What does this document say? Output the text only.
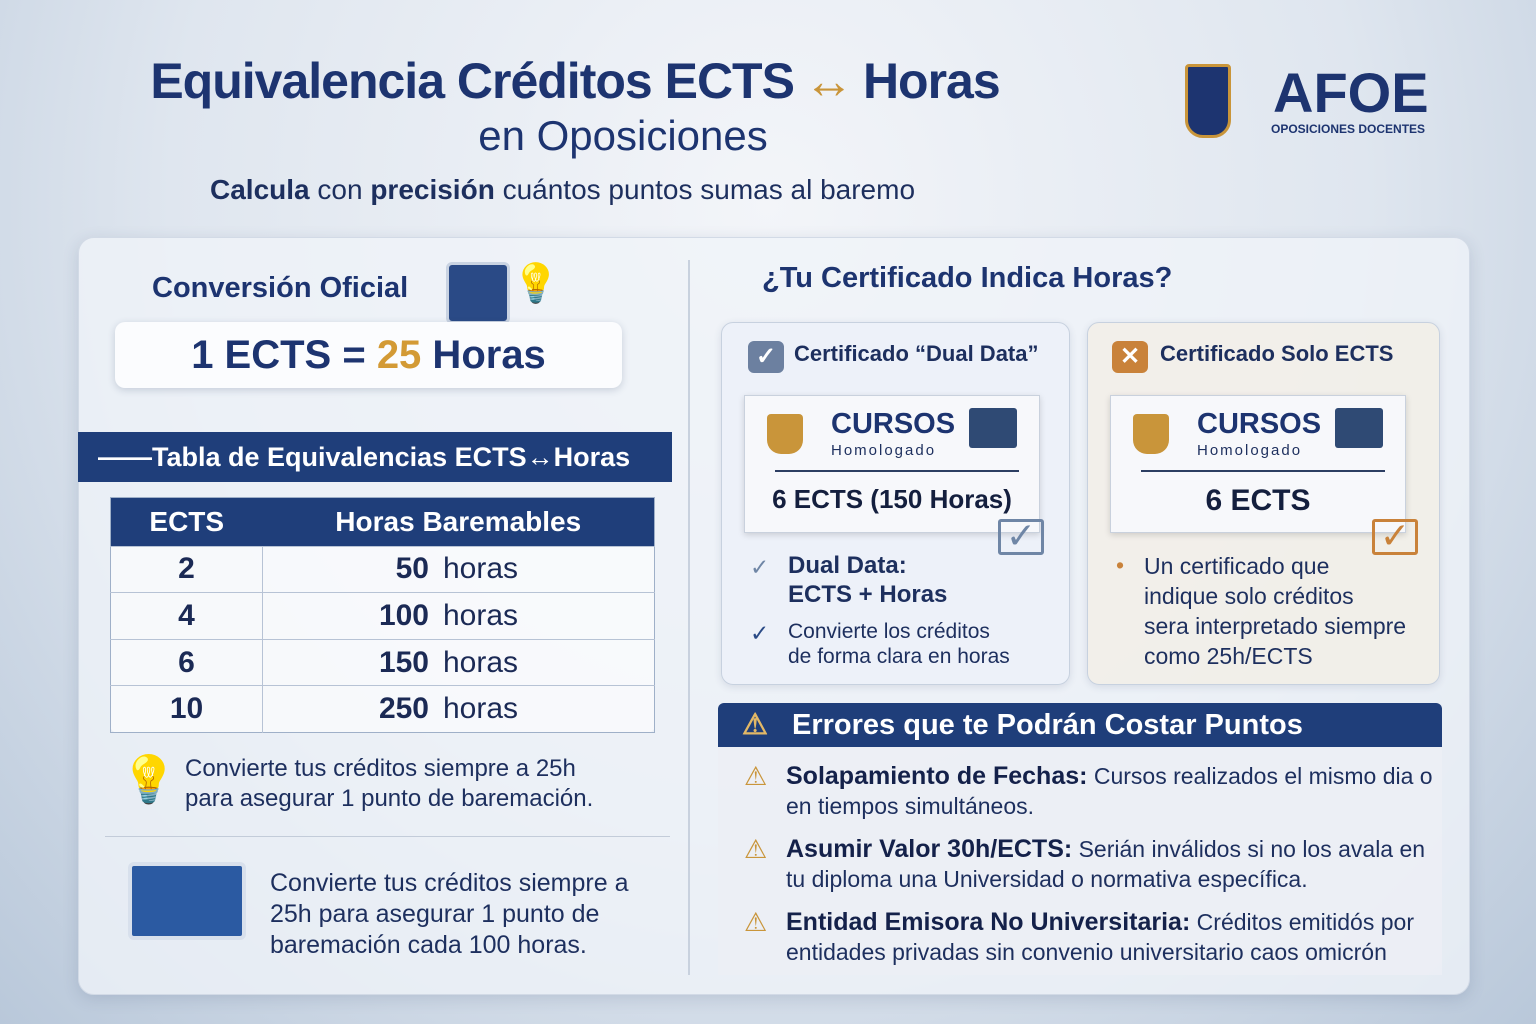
Equivalencia Créditos ECTS ↔ Horas
en Oposiciones
Calcula con precisión cuántos puntos sumas al baremo
AFOE
OPOSICIONES DOCENTES
Conversión Oficial	💡
1 ECTS = 25 Horas
——Tabla de Equivalencias ECTS↔Horas
ECTS	Horas Baremables
2	50 horas
4	100 horas
6	150 horas
10	250 horas
💡 Convierte tus créditos siempre a 25h
para asegurar 1 punto de baremación.
Convierte tus créditos siempre a
25h para asegurar 1 punto de
baremación cada 100 horas.
¿Tu Certificado Indica Horas?
✓ Certificado “Dual Data”
CURSOS
Homologado
6 ECTS (150 Horas)
✓
✓ Dual Data:
ECTS + Horas
✓ Convierte los créditos
de forma clara en horas
✕ Certificado Solo ECTS
CURSOS
Homologado
6 ECTS
✓
• Un certificado que
indique solo créditos
sera interpretado siempre
como 25h/ECTS
⚠ Errores que te Podrán Costar Puntos
⚠ Solapamiento de Fechas: Cursos realizados el mismo dia o en tiempos simultáneos.
⚠ Asumir Valor 30h/ECTS: Serián inválidos si no los avala en tu diploma una Universidad o normativa específica.
⚠ Entidad Emisora No Universitaria: Créditos emitidós por entidades privadas sin convenio universitario caos omicrón
